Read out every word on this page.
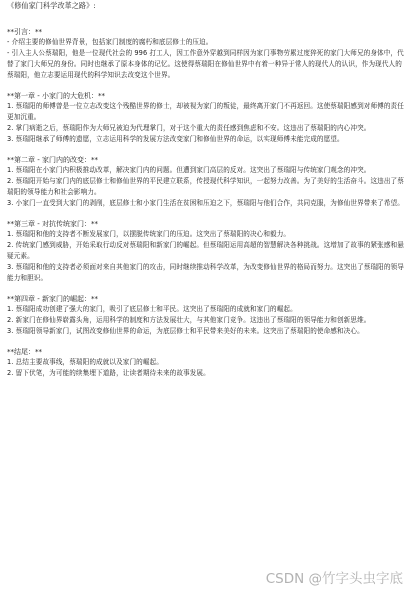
《修仙家门科学改革之路》:
**引言：**
- 介绍主要的修仙世界背景，包括家门制度的腐朽和底层修士的压迫。
- 引入主人公蔡瑞阳，他是一位现代社会的 996 打工人，因工作意外穿越到同样因为家门事物劳累过度猝死的家门大师兄的身体中，代替了家门大师兄的身份。同时也继承了原本身体的记忆。这使得蔡瑞阳在修仙世界中有着一种异于常人的现代人的认识，作为现代人的蔡瑞阳，他立志要运用现代的科学知识去改变这个世界。
**第一章 - 小家门的大危机：**
1. 蔡瑞阳的师傅曾是一位立志改变这个残酷世界的修士，却被视为家门的叛徒，最终离开家门不再返回。这使蔡瑞阳感到对师傅的责任更加沉重。
2. 掌门病逝之后，蔡瑞阳作为大师兄被迫为代理掌门，对于这个重大的责任感到焦虑和不安。这违出了蔡瑞阳的内心冲突。
3. 蔡瑞阳继承了师傅的遗愿，立志运用科学的发展方法改变家门和修仙世界的命运，以实现师傅未能完成的愿望。
**第二章 - 家门内的改变：**
1. 蔡瑞阳在小家门内积极推动改革，解决家门内的问题。但遭到家门高层的反对。这突出了蔡瑞阳与传统家门观念的冲突。
2. 蔡瑞阳开始与家门内的底层修士和修仙世界的平民建立联系，传授现代科学知识，一起努力改善。为了美好的生活奋斗。这违出了蔡瑞阳的领导能力和社会影响力。
3. 小家门一直受到大家门的剥削，底层修士和小家门生活在贫困和压迫之下，蔡瑞阳与他们合作，共同克服，为修仙世界带来了希望。
**第三章 - 对抗传统家门：**
1. 蔡瑞阳和他的支持者不断发展家门，以摆脱传统家门的压迫。这突出了蔡瑞阳的决心和毅力。
2. 传统家门感到威胁，开始采取行动反对蔡瑞阳和新家门的崛起。但蔡瑞阳运用高超的智慧解决各种挑战。这增加了故事的紧张感和悬疑元素。
3. 蔡瑞阳和他的支持者必须面对来自其他家门的攻击，同时继续推动科学改革，为改变修仙世界的格局而努力。这突出了蔡瑞阳的领导能力和胆识。
**第四章 - 新家门的崛起：**
1. 蔡瑞阳成功创建了强大的家门，吸引了底层修士和平民。这突出了蔡瑞阳的成就和家门的崛起。
2. 新家门在修仙界崭露头角，运用科学的制度和方法发展壮大，与其他家门竞争。这违出了蔡瑞阳的领导能力和创新思维。
3. 蔡瑞阳领导新家门，试图改变修仙世界的命运，为底层修士和平民带来美好的未来。这突出了蔡瑞阳的使命感和决心。
**结尾：**
1. 总结主要故事线，蔡瑞阳的成就以及家门的崛起。
2. 留下伏笔，为可能的续集埋下道路，让读者期待未来的故事发展。
CSDN @竹字头虫字底
